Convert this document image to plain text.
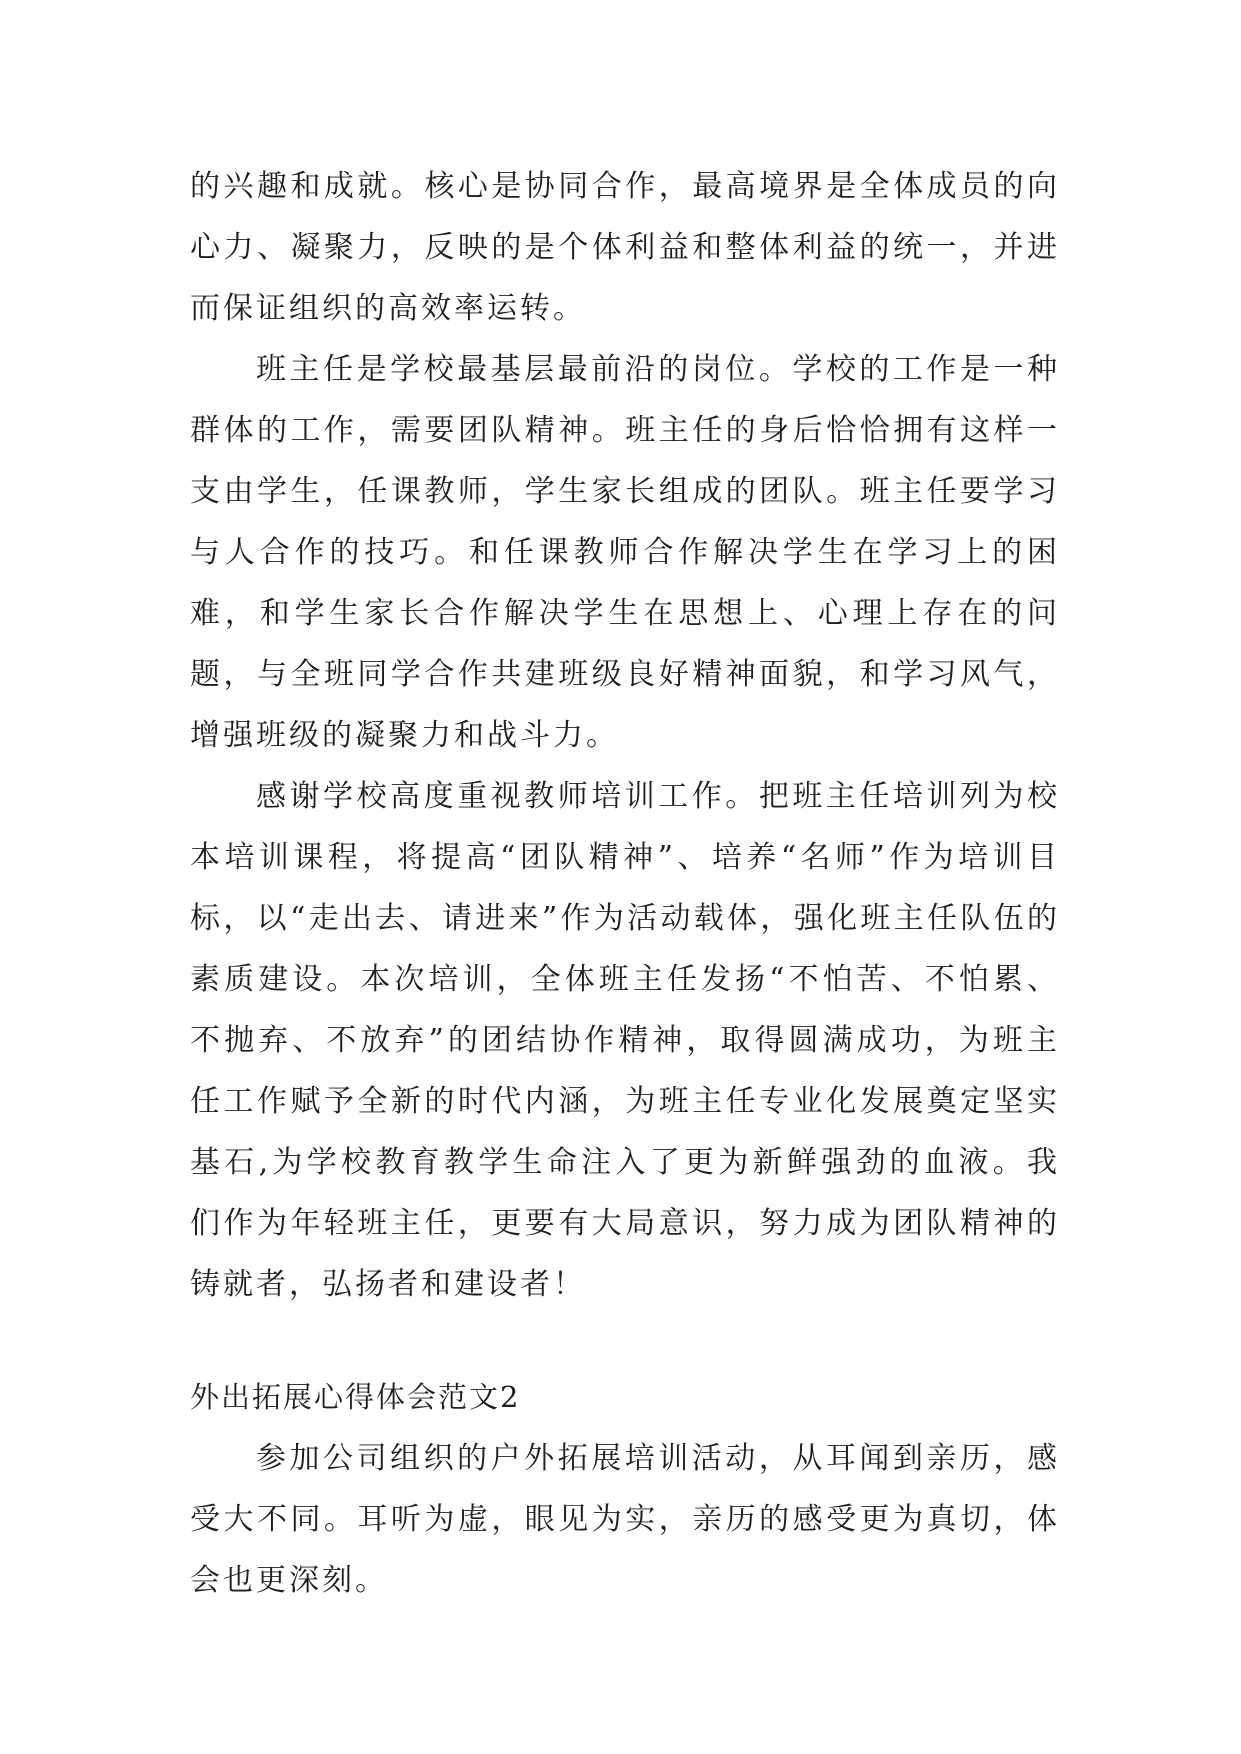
的兴趣和成就。核心是协同合作，最高境界是全体成员的向心力、凝聚力，反映的是个体利益和整体利益的统一，并进而保证组织的高效率运转。

班主任是学校最基层最前沿的岗位。学校的工作是一种群体的工作，需要团队精神。班主任的身后恰恰拥有这样一支由学生，任课教师，学生家长组成的团队。班主任要学习与人合作的技巧。和任课教师合作解决学生在学习上的困难，和学生家长合作解决学生在思想上、心理上存在的问题，与全班同学合作共建班级良好精神面貌，和学习风气，增强班级的凝聚力和战斗力。

感谢学校高度重视教师培训工作。把班主任培训列为校本培训课程，将提高“团队精神”、培养“名师”作为培训目标，以“走出去、请进来”作为活动载体，强化班主任队伍的素质建设。本次培训，全体班主任发扬“不怕苦、不怕累、不抛弃、不放弃”的团结协作精神，取得圆满成功，为班主任工作赋予全新的时代内涵，为班主任专业化发展奠定坚实基石,为学校教育教学生命注入了更为新鲜强劲的血液。我们作为年轻班主任，更要有大局意识，努力成为团队精神的铸就者，弘扬者和建设者！

外出拓展心得体会范文2

参加公司组织的户外拓展培训活动，从耳闻到亲历，感受大不同。耳听为虚，眼见为实，亲历的感受更为真切，体会也更深刻。
